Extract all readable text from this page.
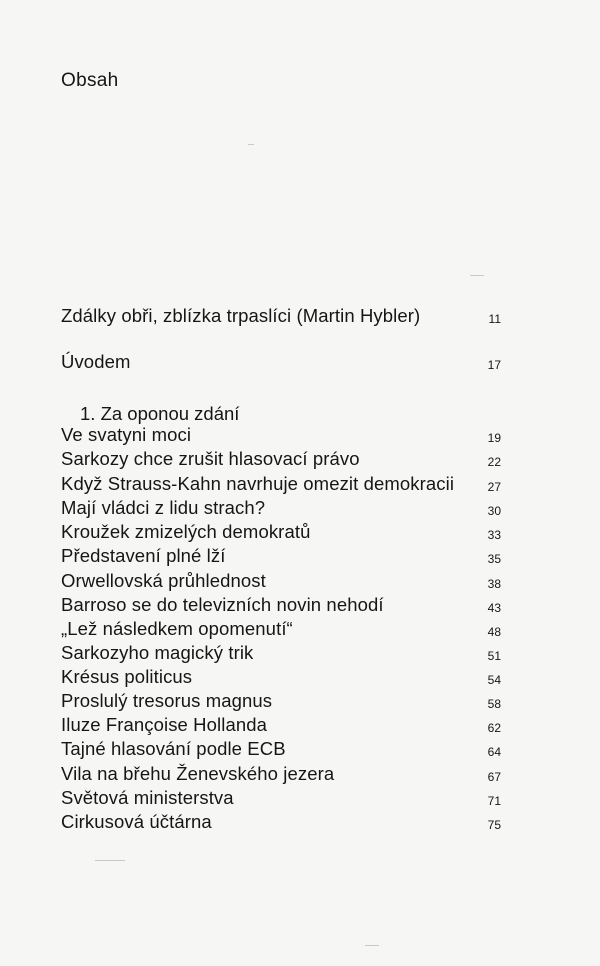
Obsah
Zdálky obři, zblízka trpaslíci (Martin Hybler)	11
Úvodem	17
1. Za oponou zdání
Ve svatyni moci	19
Sarkozy chce zrušit hlasovací právo	22
Když Strauss-Kahn navrhuje omezit demokracii	27
Mají vládci z lidu strach?	30
Kroužek zmizelých demokratů	33
Představení plné lží	35
Orwellovská průhlednost	38
Barroso se do televizních novin nehodí	43
„Lež následkem opomenutí“	48
Sarkozyho magický trik	51
Krésus politicus	54
Proslulý tresorus magnus	58
Iluze Françoise Hollanda	62
Tajné hlasování podle ECB	64
Vila na břehu Ženevského jezera	67
Světová ministerstva	71
Cirkusová účtárna	75
